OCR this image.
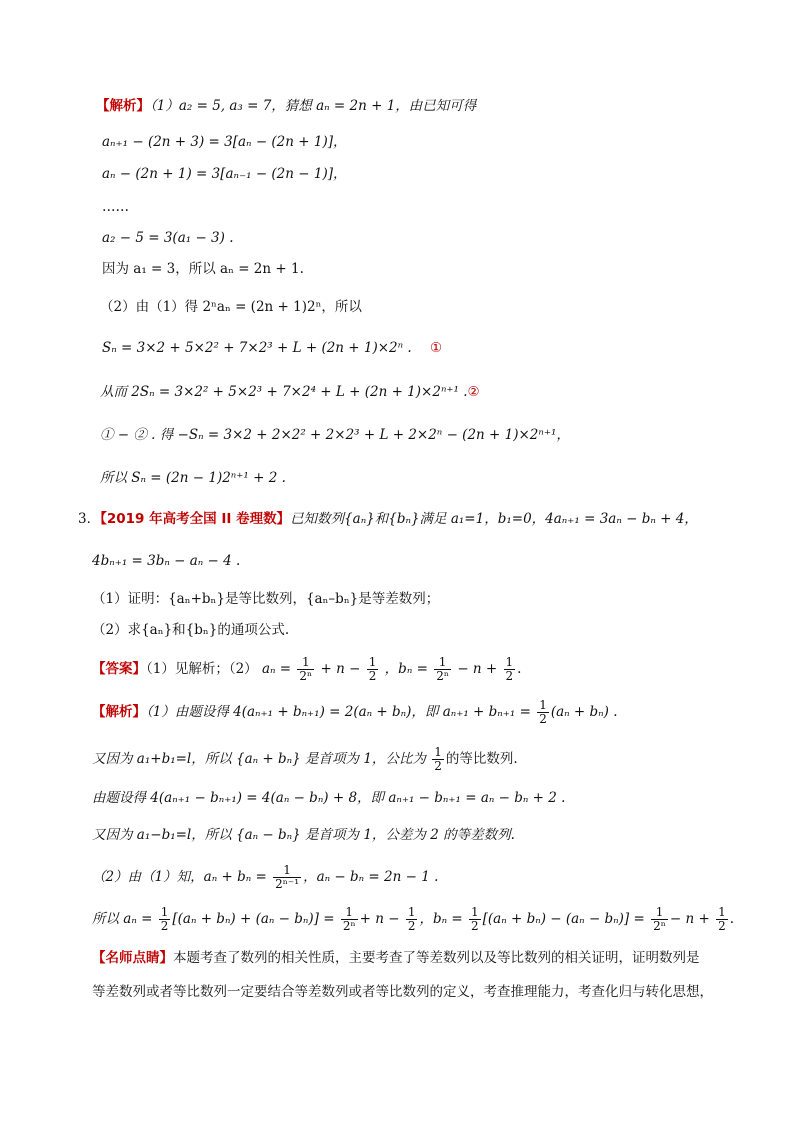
【解析】（1）a₂ = 5, a₃ = 7，猜想 aₙ = 2n + 1，由已知可得
aₙ₊₁ − (2n + 3) = 3[aₙ − (2n + 1)]，
aₙ − (2n + 1) = 3[aₙ₋₁ − (2n − 1)]，
……
a₂ − 5 = 3(a₁ − 3) .
因为 a₁ = 3，所以 aₙ = 2n + 1.
（2）由（1）得 2ⁿaₙ = (2n + 1)2ⁿ，所以
Sₙ = 3×2 + 5×2² + 7×2³ + L + (2n + 1)×2ⁿ . ①
从而 2Sₙ = 3×2² + 5×2³ + 7×2⁴ + L + (2n + 1)×2ⁿ⁺¹ .②
① − ② . 得 −Sₙ = 3×2 + 2×2² + 2×2³ + L + 2×2ⁿ − (2n + 1)×2ⁿ⁺¹，
所以 Sₙ = (2n − 1)2ⁿ⁺¹ + 2 .
3．【2019 年高考全国 II 卷理数】已知数列{aₙ}和{bₙ}满足 a₁=1，b₁=0，4aₙ₊₁ = 3aₙ − bₙ + 4，
4bₙ₊₁ = 3bₙ − aₙ − 4 .
（1）证明：{aₙ+bₙ}是等比数列，{aₙ–bₙ}是等差数列；
（2）求{aₙ}和{bₙ}的通项公式.
【答案】（1）见解析；（2） $a_n = \frac{1}{\text{2ⁿ}} + n - \frac{1}{2}$ ，$b_n = \frac{1}{\text{2ⁿ}} - n + \frac{1}{2}$ .
【解析】（1）由题设得 4(aₙ₊₁ + bₙ₊₁) = 2(aₙ + bₙ)，即 $a_{n+1} + b_{n+1} = \frac{1}{2} (a_n + b_n)$ .
又因为 a₁+b₁=l，所以 {aₙ + bₙ} 是首项为 1，公比为 $\frac{1}{2}$ 的等比数列.
由题设得 4(aₙ₊₁ − bₙ₊₁) = 4(aₙ − bₙ) + 8，即 aₙ₊₁ − bₙ₊₁ = aₙ − bₙ + 2 .
又因为 a₁−b₁=l，所以 {aₙ − bₙ} 是首项为 1，公差为 2 的等差数列.
（2）由（1）知，$a_n + b_n = \frac{1}{\text{2ⁿ⁻¹}}$ ，aₙ − bₙ = 2n − 1 .
所以 $a_n = \frac{1}{2} [(a_n + b_n) + (a_n - b_n)] = \frac{1}{\text{2ⁿ}} + n - \frac{1}{2}$ ，$b_n = \frac{1}{2} [(a_n + b_n) - (a_n - b_n)] = \frac{1}{\text{2ⁿ}} - n + \frac{1}{2}$ .
【名师点睛】本题考查了数列的相关性质，主要考查了等差数列以及等比数列的相关证明，证明数列是
等差数列或者等比数列一定要结合等差数列或者等比数列的定义，考查推理能力，考查化归与转化思想，
